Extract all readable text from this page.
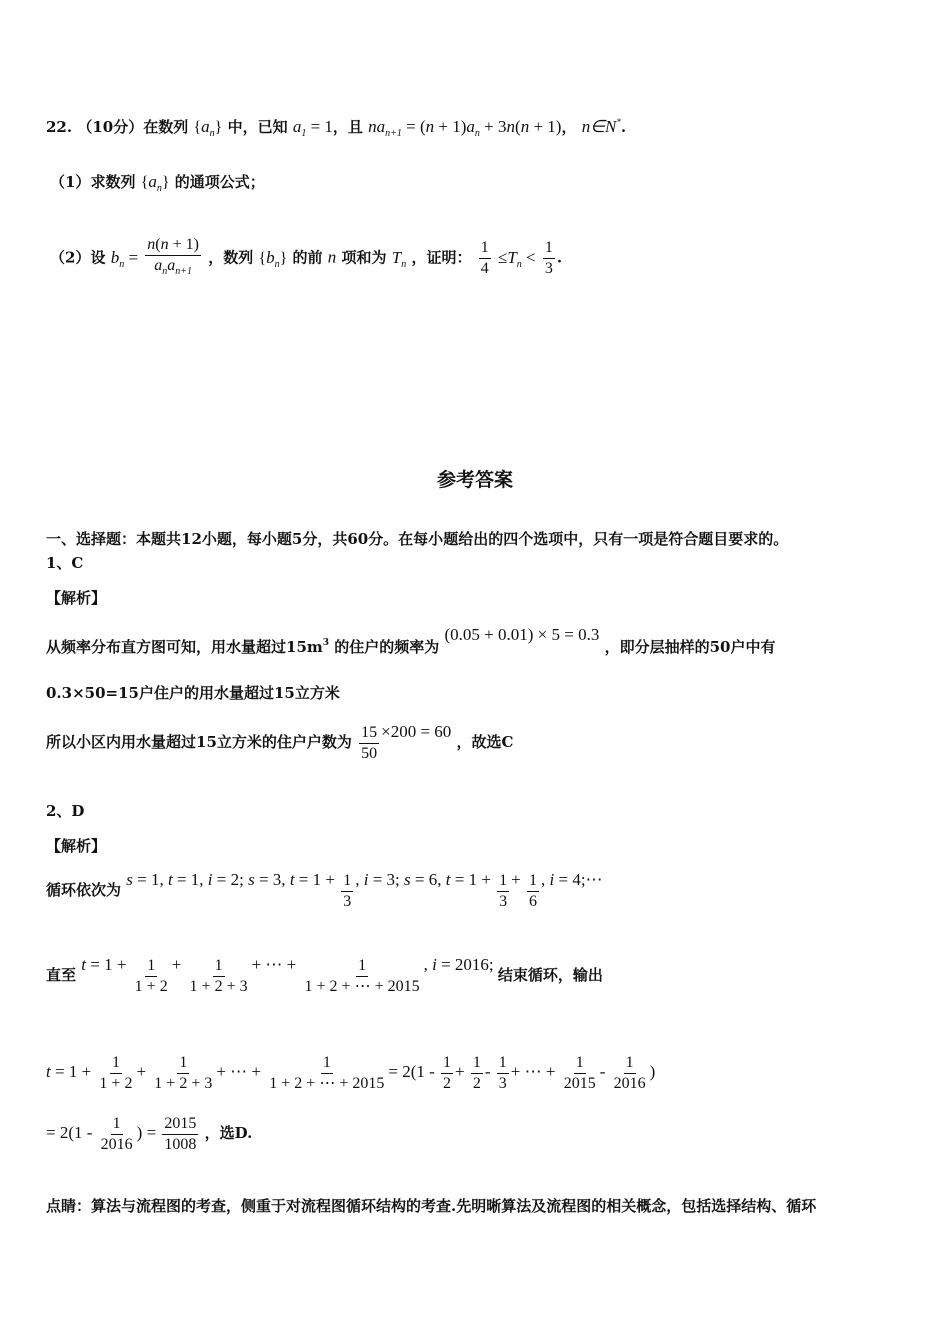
22. （10分）在数列 $\{a_n\}$ 中，已知 $a_1 = 1$，且 $na_{n+1} = (n + 1)a_n + 3n(n + 1)$， n∈N*.
（1）求数列 $\{a_n\}$ 的通项公式；
（2）设 $b_n = \frac{n(n + 1)}{a_na_{n+1}}$ ，数列 $\{b_n\}$ 的前 n 项和为 $T_n$ ，证明： $\frac{1}{4} \le T_n < \frac{1}{3}$ .
参考答案
一、选择题：本题共12小题，每小题5分，共60分。在每小题给出的四个选项中，只有一项是符合题目要求的。
1、C
【解析】
从频率分布直方图可知，用水量超过$15m^3$ 的住户的频率为 (0.05 + 0.01) × 5 = 0.3 ，即分层抽样的50户中有
0.3×50=15户住户的用水量超过15立方米
所以小区内用水量超过15立方米的住户户数为 $\frac{15}{50} \times 200 = 60$ ，故选C
2、D
【解析】
循环依次为 s = 1, t = 1, i = 2; s = 3, $t = 1 + \frac{1}{3}$ , i = 3; s = 6, $t = 1 + \frac{1}{3} + \frac{1}{6}$ , i = 4;⋯
直至 $t = 1 + \frac{1}{1 + 2} + \frac{1}{1 + 2 + 3}$ + ⋯ + $\frac{1}{1 + 2 + \cdots + 2015}$ , i = 2016; 结束循环，输出
$t = 1 + \frac{1}{1 + 2} + \frac{1}{1 + 2 + 3}$ + ⋯ + $\frac{1}{1 + 2 + \cdots + 2015} = 2(1 - \frac{1}{2} + \frac{1}{2} - \frac{1}{3}$ + ⋯ + $\frac{1}{2015} - \frac{1}{2016}$ )
= $2(1 - \frac{1}{2016}$ ) = $\frac{2015}{1008}$ ，选D.
点睛：算法与流程图的考查，侧重于对流程图循环结构的考查.先明晰算法及流程图的相关概念，包括选择结构、循环
